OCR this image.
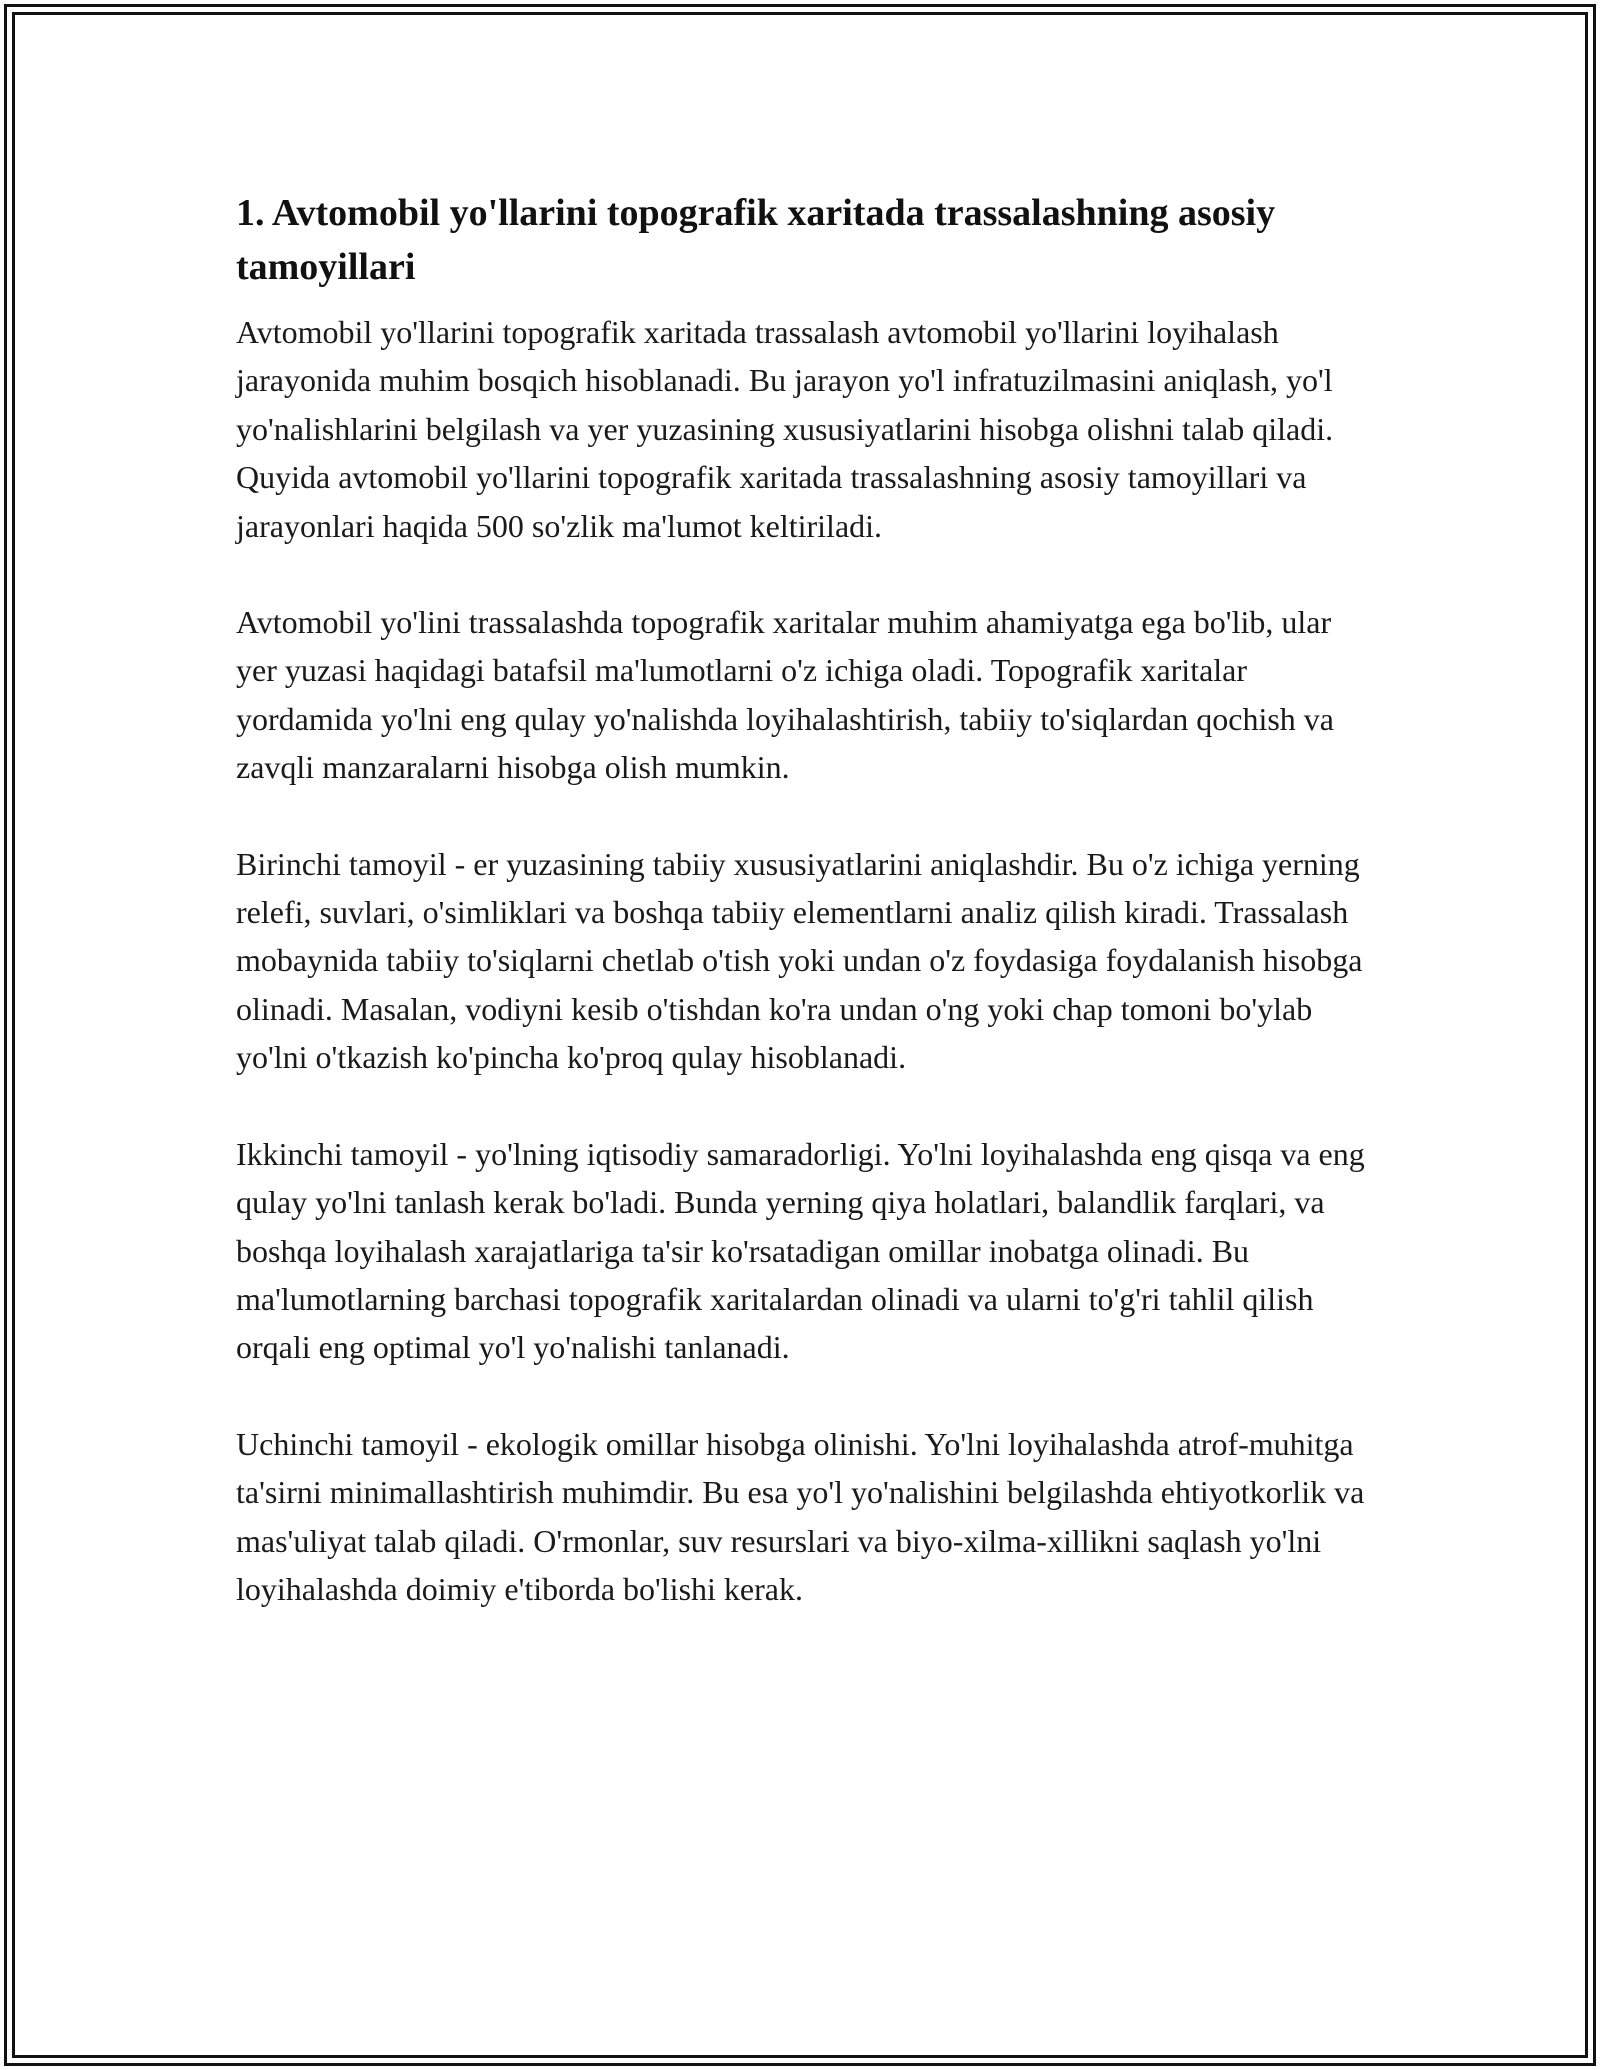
1. Avtomobil yo'llarini topografik xaritada trassalashning asosiy tamoyillari

Avtomobil yo'llarini topografik xaritada trassalash avtomobil yo'llarini loyihalash jarayonida muhim bosqich hisoblanadi. Bu jarayon yo'l infratuzilmasini aniqlash, yo'l yo'nalishlarini belgilash va yer yuzasining xususiyatlarini hisobga olishni talab qiladi. Quyida avtomobil yo'llarini topografik xaritada trassalashning asosiy tamoyillari va jarayonlari haqida 500 so'zlik ma'lumot keltiriladi.

Avtomobil yo'lini trassalashda topografik xaritalar muhim ahamiyatga ega bo'lib, ular yer yuzasi haqidagi batafsil ma'lumotlarni o'z ichiga oladi. Topografik xaritalar yordamida yo'lni eng qulay yo'nalishda loyihalashtirish, tabiiy to'siqlardan qochish va zavqli manzaralarni hisobga olish mumkin.

Birinchi tamoyil - er yuzasining tabiiy xususiyatlarini aniqlashdir. Bu o'z ichiga yerning relefi, suvlari, o'simliklari va boshqa tabiiy elementlarni analiz qilish kiradi. Trassalash mobaynida tabiiy to'siqlarni chetlab o'tish yoki undan o'z foydasiga foydalanish hisobga olinadi. Masalan, vodiyni kesib o'tishdan ko'ra undan o'ng yoki chap tomoni bo'ylab yo'lni o'tkazish ko'pincha ko'proq qulay hisoblanadi.

Ikkinchi tamoyil - yo'lning iqtisodiy samaradorligi. Yo'lni loyihalashda eng qisqa va eng qulay yo'lni tanlash kerak bo'ladi. Bunda yerning qiya holatlari, balandlik farqlari, va boshqa loyihalash xarajatlariga ta'sir ko'rsatadigan omillar inobatga olinadi. Bu ma'lumotlarning barchasi topografik xaritalardan olinadi va ularni to'g'ri tahlil qilish orqali eng optimal yo'l yo'nalishi tanlanadi.

Uchinchi tamoyil - ekologik omillar hisobga olinishi. Yo'lni loyihalashda atrof-muhitga ta'sirni minimallashtirish muhimdir. Bu esa yo'l yo'nalishini belgilashda ehtiyotkorlik va mas'uliyat talab qiladi. O'rmonlar, suv resurslari va biyo-xilma-xillikni saqlash yo'lni loyihalashda doimiy e'tiborda bo'lishi kerak.
